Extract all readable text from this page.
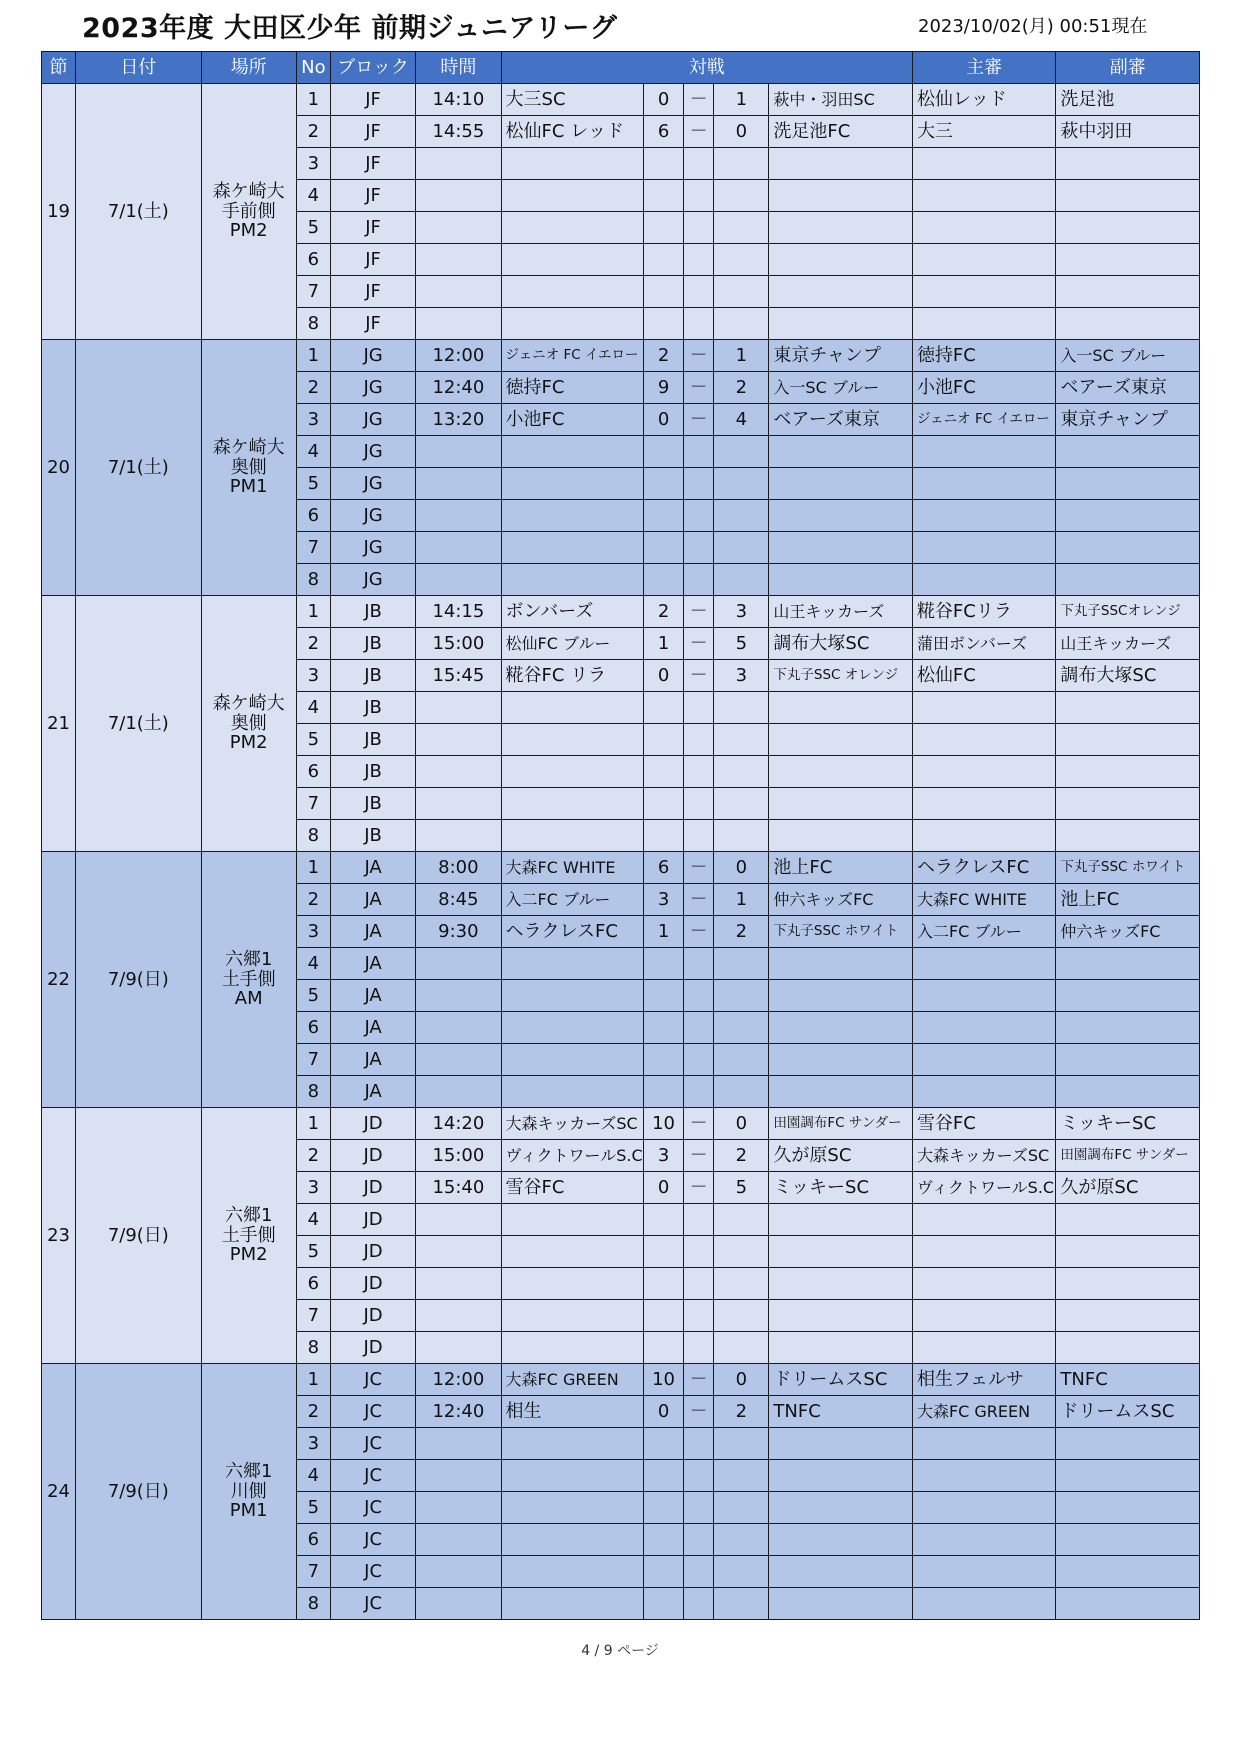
2023年度 大田区少年 前期ジュニアリーグ	2023/10/02(月) 00:51現在
節	日付	場所	No	ブロック	時間	対戦					主審	副審
19	7/1(土)	森ケ崎大
手前側
PM2	1	JF	14:10	大三SC	0	－	1	萩中・羽田SC	松仙レッド	洗足池
			2	JF	14:55	松仙FC レッド	6	－	0	洗足池FC	大三	萩中羽田
			3	JF								
			4	JF								
			5	JF								
			6	JF								
			7	JF								
			8	JF								
20	7/1(土)	森ケ崎大
奥側
PM1	1	JG	12:00	ジェニオ FC イエロー	2	－	1	東京チャンプ	徳持FC	入一SC ブルー
			2	JG	12:40	徳持FC	9	－	2	入一SC ブルー	小池FC	ベアーズ東京
			3	JG	13:20	小池FC	0	－	4	ベアーズ東京	ジェニオ FC イエロー	東京チャンプ
			4	JG								
			5	JG								
			6	JG								
			7	JG								
			8	JG								
21	7/1(土)	森ケ崎大
奥側
PM2	1	JB	14:15	ボンバーズ	2	－	3	山王キッカーズ	糀谷FCリラ	下丸子SSCオレンジ
			2	JB	15:00	松仙FC ブルー	1	－	5	調布大塚SC	蒲田ボンバーズ	山王キッカーズ
			3	JB	15:45	糀谷FC リラ	0	－	3	下丸子SSC オレンジ	松仙FC	調布大塚SC
			4	JB								
			5	JB								
			6	JB								
			7	JB								
			8	JB								
22	7/9(日)	六郷1
土手側
AM	1	JA	8:00	大森FC WHITE	6	－	0	池上FC	ヘラクレスFC	下丸子SSC ホワイト
			2	JA	8:45	入二FC ブルー	3	－	1	仲六キッズFC	大森FC WHITE	池上FC
			3	JA	9:30	ヘラクレスFC	1	－	2	下丸子SSC ホワイト	入二FC ブルー	仲六キッズFC
			4	JA								
			5	JA								
			6	JA								
			7	JA								
			8	JA								
23	7/9(日)	六郷1
土手側
PM2	1	JD	14:20	大森キッカーズSC	10	－	0	田園調布FC サンダー	雪谷FC	ミッキーSC
			2	JD	15:00	ヴィクトワールS.C	3	－	2	久が原SC	大森キッカーズSC	田園調布FC サンダー
			3	JD	15:40	雪谷FC	0	－	5	ミッキーSC	ヴィクトワールS.C	久が原SC
			4	JD								
			5	JD								
			6	JD								
			7	JD								
			8	JD								
24	7/9(日)	六郷1
川側
PM1	1	JC	12:00	大森FC GREEN	10	－	0	ドリームスSC	相生フェルサ	TNFC
			2	JC	12:40	相生	0	－	2	TNFC	大森FC GREEN	ドリームスSC
			3	JC								
			4	JC								
			5	JC								
			6	JC								
			7	JC								
			8	JC								
4 / 9 ページ
